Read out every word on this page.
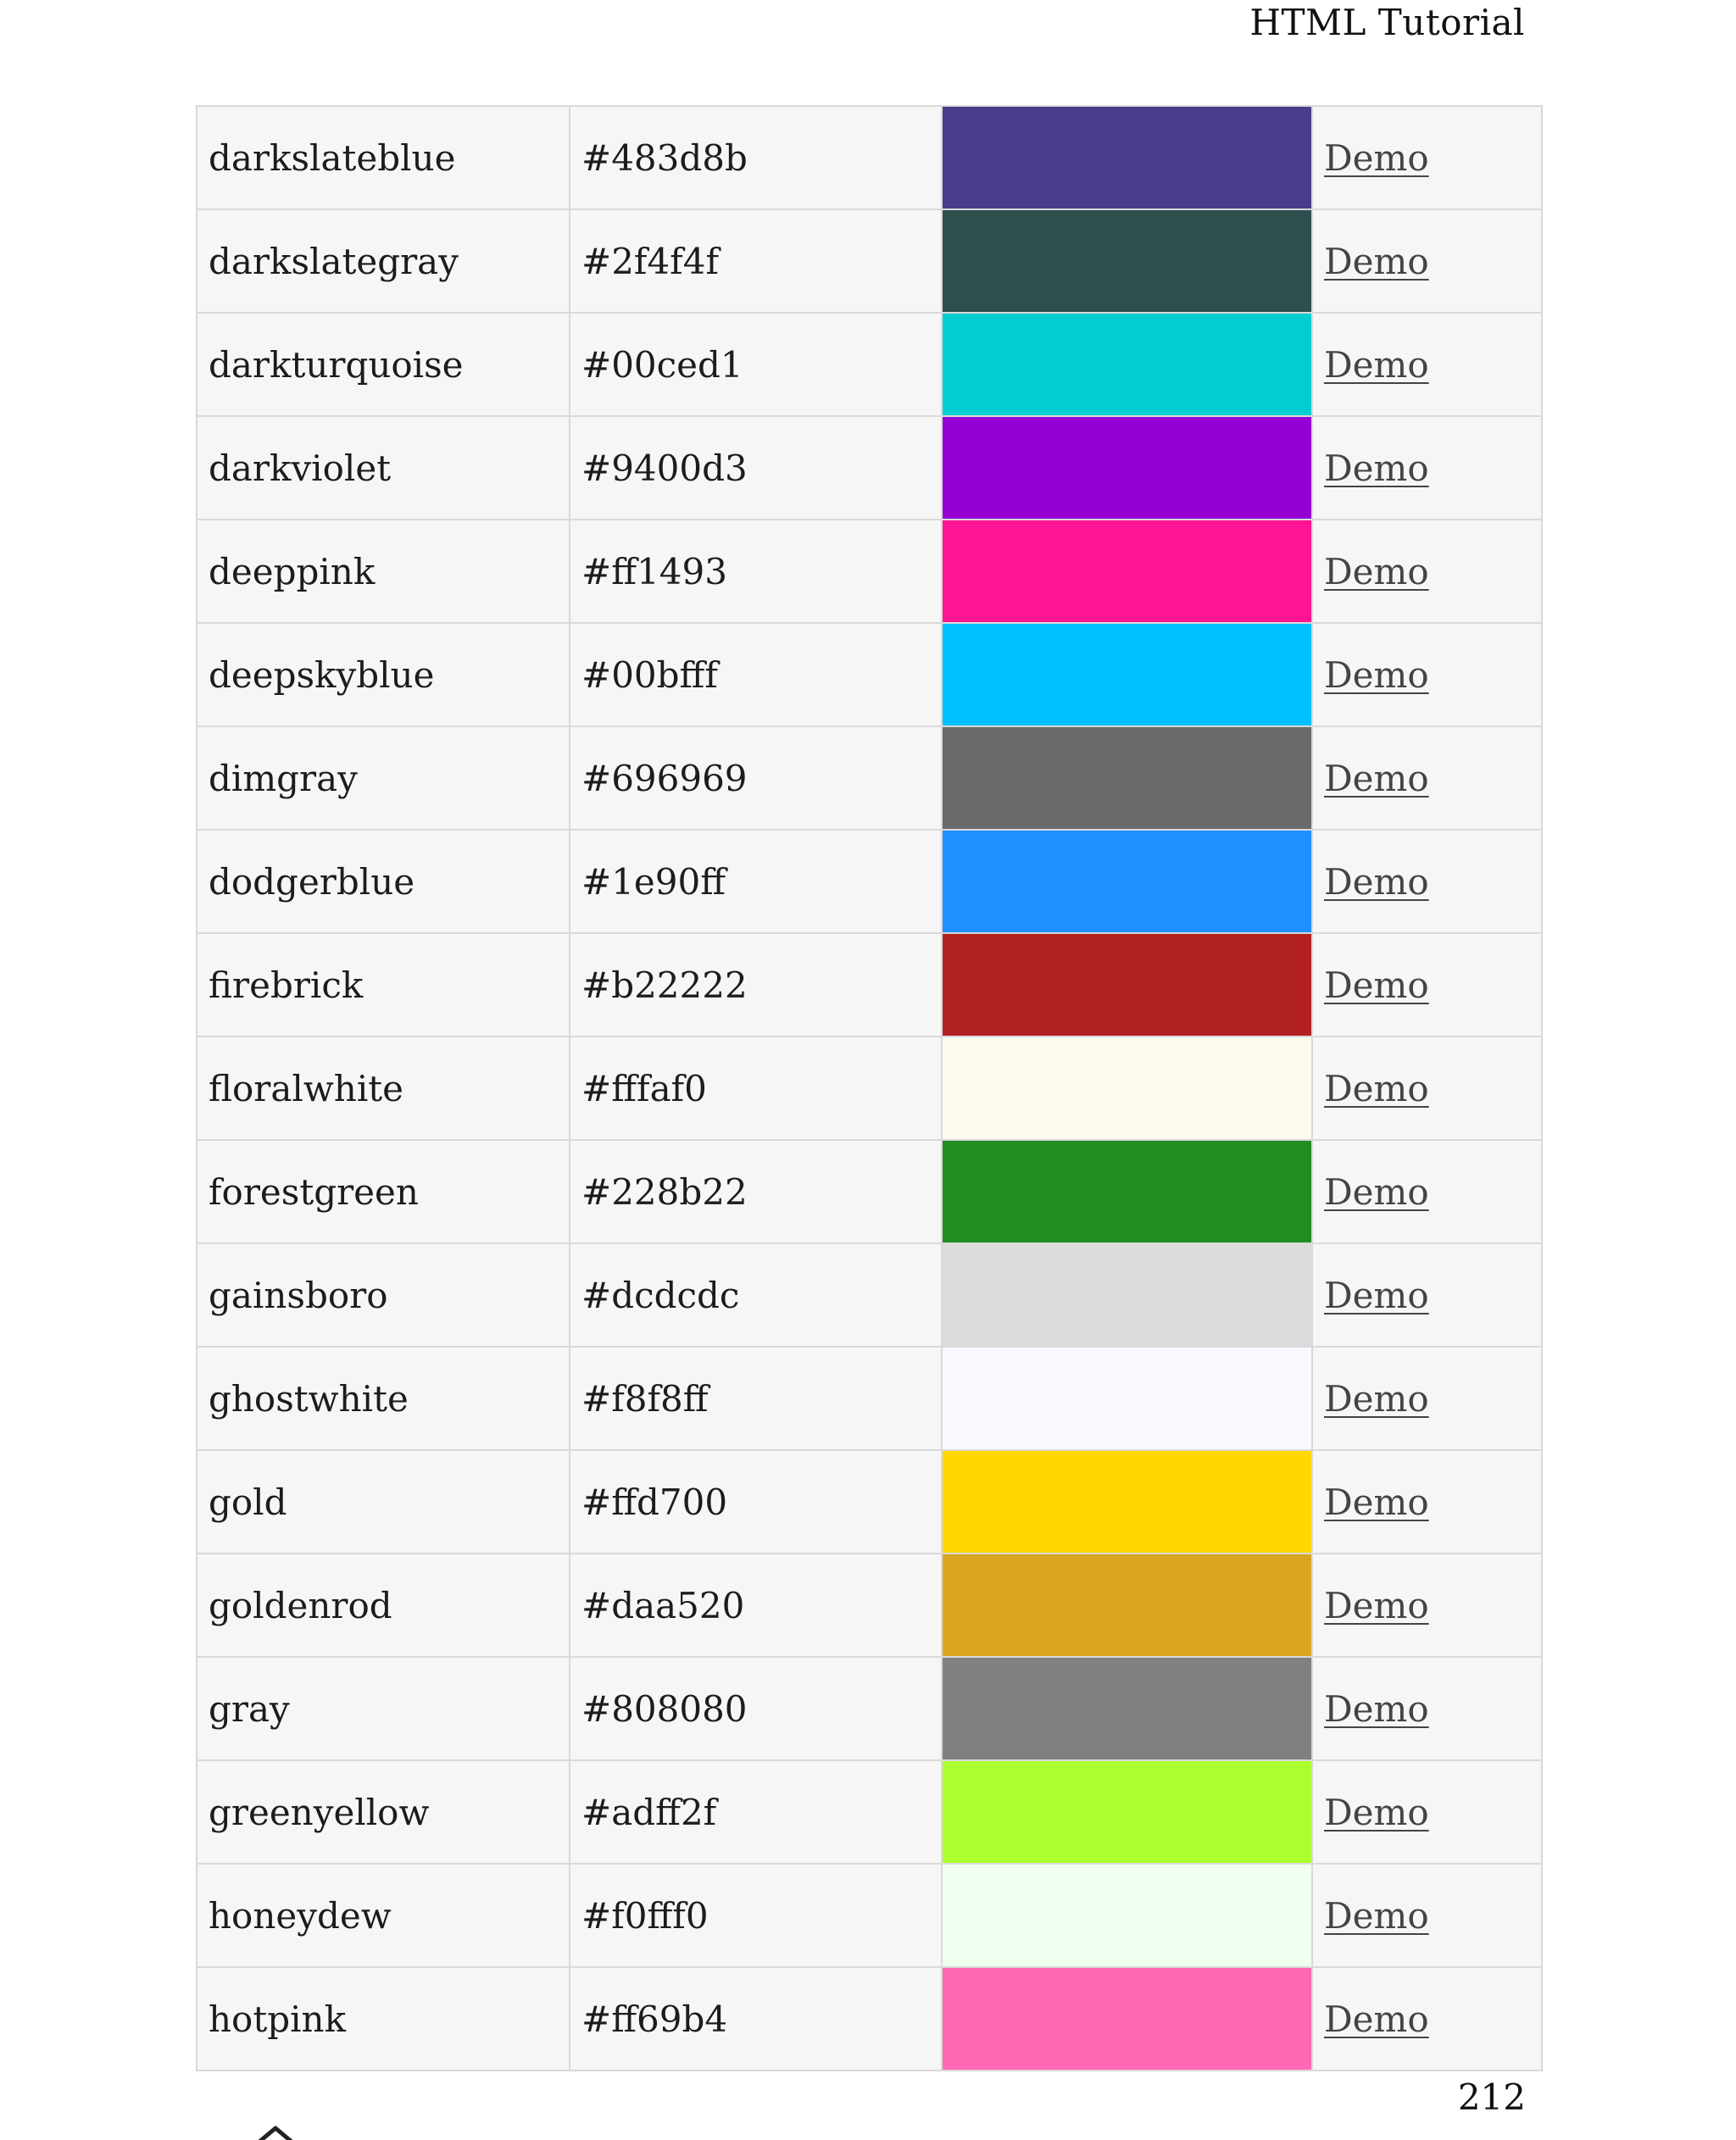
HTML Tutorial
darkslateblue	#483d8b		Demo
darkslategray	#2f4f4f		Demo
darkturquoise	#00ced1		Demo
darkviolet	#9400d3		Demo
deeppink	#ff1493		Demo
deepskyblue	#00bfff		Demo
dimgray	#696969		Demo
dodgerblue	#1e90ff		Demo
firebrick	#b22222		Demo
floralwhite	#fffaf0		Demo
forestgreen	#228b22		Demo
gainsboro	#dcdcdc		Demo
ghostwhite	#f8f8ff		Demo
gold	#ffd700		Demo
goldenrod	#daa520		Demo
gray	#808080		Demo
greenyellow	#adff2f		Demo
honeydew	#f0fff0		Demo
hotpink	#ff69b4		Demo
212
